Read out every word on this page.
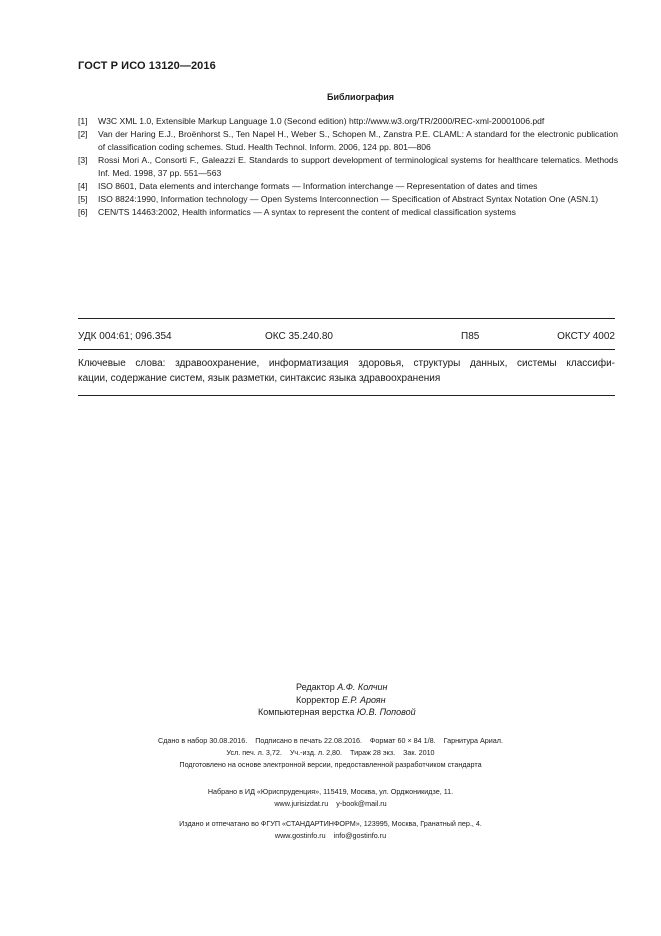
ГОСТ Р ИСО 13120—2016
Библиография
[1]	W3C XML 1.0, Extensible Markup Language 1.0 (Second edition) http://www.w3.org/TR/2000/REC-xml-20001006.pdf
[2]	Van der Haring E.J., Broënhorst S., Ten Napel H., Weber S., Schopen M., Zanstra P.E. CLAML: A standard for the electronic publication of classification coding schemes. Stud. Health Technol. Inform. 2006, 124 pp. 801—806
[3]	Rossi Mori A., Consorti F., Galeazzi E. Standards to support development of terminological systems for healthcare telematics. Methods Inf. Med. 1998, 37 pp. 551—563
[4]	ISO 8601, Data elements and interchange formats — Information interchange — Representation of dates and times
[5]	ISO 8824:1990, Information technology — Open Systems Interconnection — Specification of Abstract Syntax Notation One (ASN.1)
[6]	CEN/TS 14463:2002, Health informatics — A syntax to represent the content of medical classification systems
УДК 004:61; 096.354	ОКС 35.240.80	П85	ОКСТУ 4002
Ключевые слова: здравоохранение, информатизация здоровья, структуры данных, системы классифи-
кации, содержание систем, язык разметки, синтаксис языка здравоохранения
Редактор А.Ф. Колчин
Корректор Е.Р. Ароян
Компьютерная верстка Ю.В. Поповой
Сдано в набор 30.08.2016.    Подписано в печать 22.08.2016.    Формат 60 × 84 1/8.    Гарнитура Ариал.
Усл. печ. л. 3,72.    Уч.-изд. л. 2,80.    Тираж 28 экз.    Зак. 2010
Подготовлено на основе электронной версии, предоставленной разработчиком стандарта
Набрано в ИД «Юриспруденция», 115419, Москва, ул. Орджоникидзе, 11.
www.jurisizdat.ru    y-book@mail.ru
Издано и отпечатано во ФГУП «СТАНДАРТИНФОРМ», 123995, Москва, Гранатный пер., 4.
www.gostinfo.ru    info@gostinfo.ru
